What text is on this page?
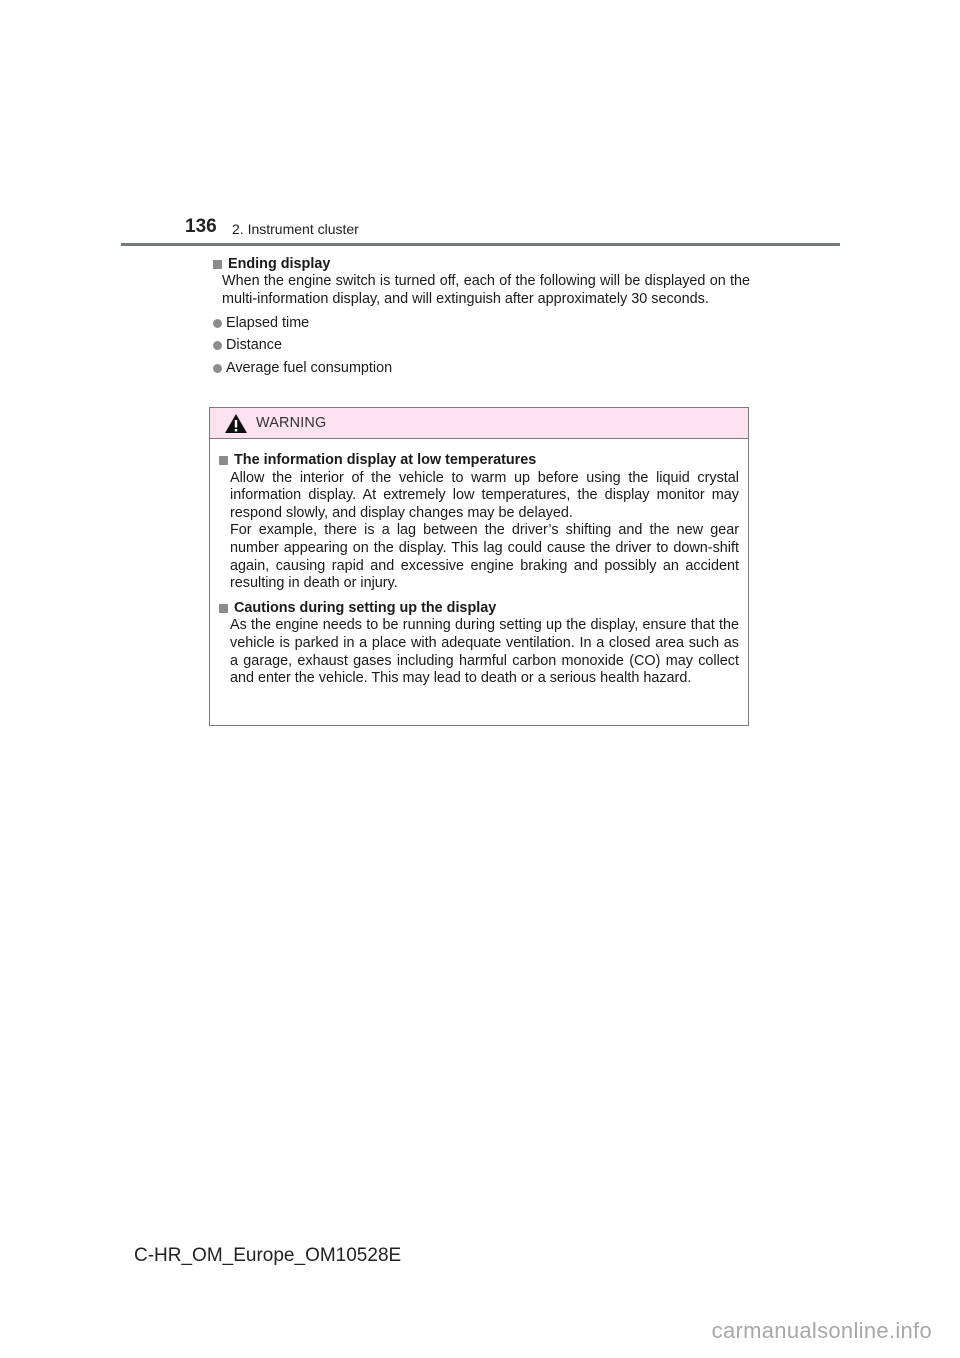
136 2. Instrument cluster
Ending display
When the engine switch is turned off, each of the following will be displayed on the multi-information display, and will extinguish after approximately 30 seconds.
Elapsed time
Distance
Average fuel consumption
WARNING
The information display at low temperatures
Allow the interior of the vehicle to warm up before using the liquid crystal information display. At extremely low temperatures, the display monitor may respond slowly, and display changes may be delayed.
For example, there is a lag between the driver’s shifting and the new gear number appearing on the display. This lag could cause the driver to down-shift again, causing rapid and excessive engine braking and possibly an accident resulting in death or injury.
Cautions during setting up the display
As the engine needs to be running during setting up the display, ensure that the vehicle is parked in a place with adequate ventilation. In a closed area such as a garage, exhaust gases including harmful carbon monoxide (CO) may collect and enter the vehicle. This may lead to death or a serious health hazard.
C-HR_OM_Europe_OM10528E
carmanualsonline.info
